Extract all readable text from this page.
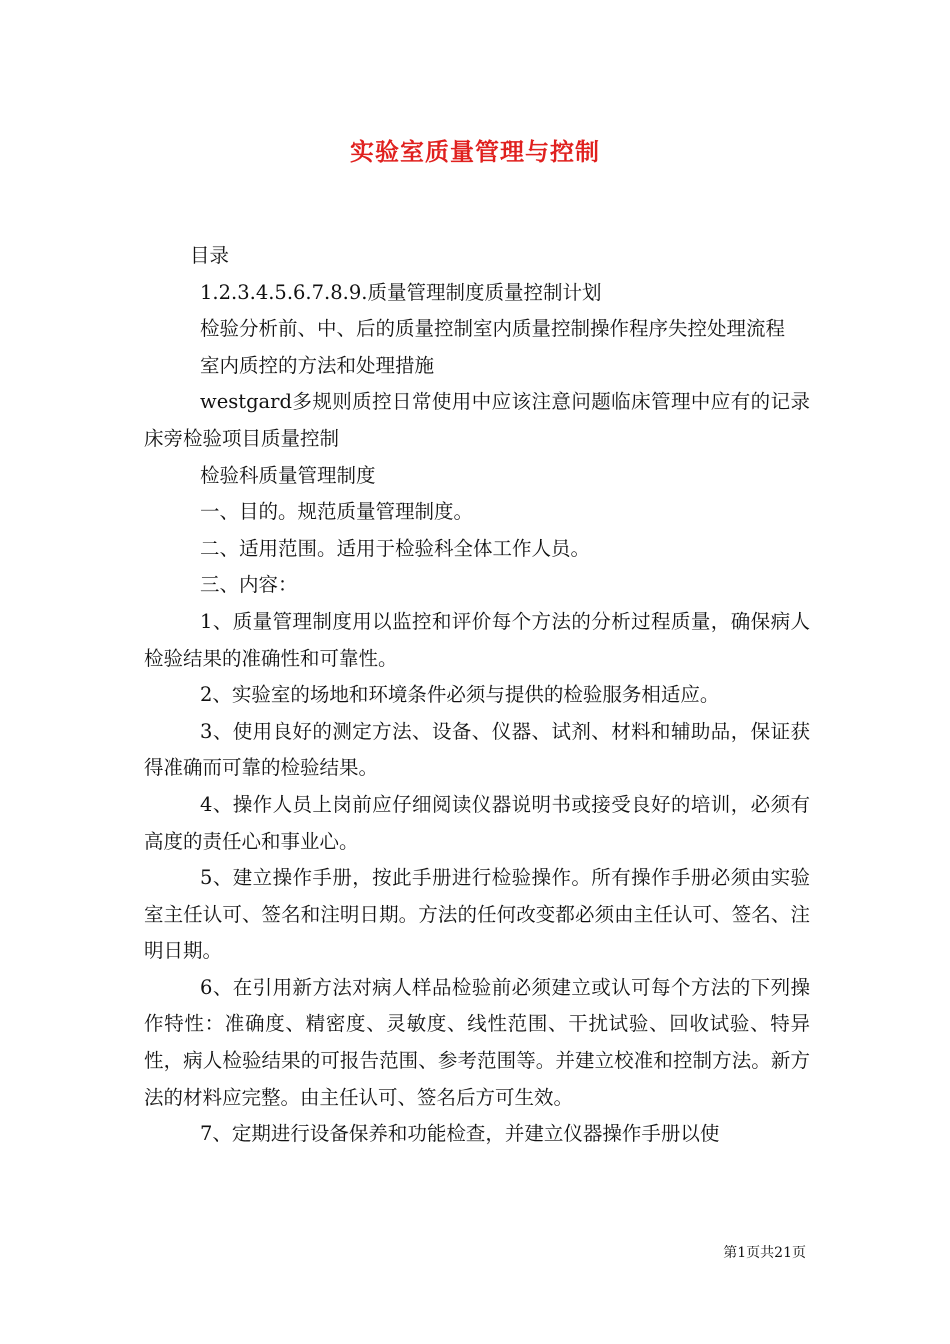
实验室质量管理与控制

目录

1.2.3.4.5.6.7.8.9.质量管理制度质量控制计划

检验分析前、中、后的质量控制室内质量控制操作程序失控处理流程

室内质控的方法和处理措施

westgard多规则质控日常使用中应该注意问题临床管理中应有的记录床旁检验项目质量控制

检验科质量管理制度

一、目的。规范质量管理制度。

二、适用范围。适用于检验科全体工作人员。

三、内容：

1、质量管理制度用以监控和评价每个方法的分析过程质量，确保病人检验结果的准确性和可靠性。

2、实验室的场地和环境条件必须与提供的检验服务相适应。

3、使用良好的测定方法、设备、仪器、试剂、材料和辅助品，保证获得准确而可靠的检验结果。

4、操作人员上岗前应仔细阅读仪器说明书或接受良好的培训，必须有高度的责任心和事业心。

5、建立操作手册，按此手册进行检验操作。所有操作手册必须由实验室主任认可、签名和注明日期。方法的任何改变都必须由主任认可、签名、注明日期。

6、在引用新方法对病人样品检验前必须建立或认可每个方法的下列操作特性：准确度、精密度、灵敏度、线性范围、干扰试验、回收试验、特异性，病人检验结果的可报告范围、参考范围等。并建立校准和控制方法。新方法的材料应完整。由主任认可、签名后方可生效。

7、定期进行设备保养和功能检查，并建立仪器操作手册以使

第1页共21页
